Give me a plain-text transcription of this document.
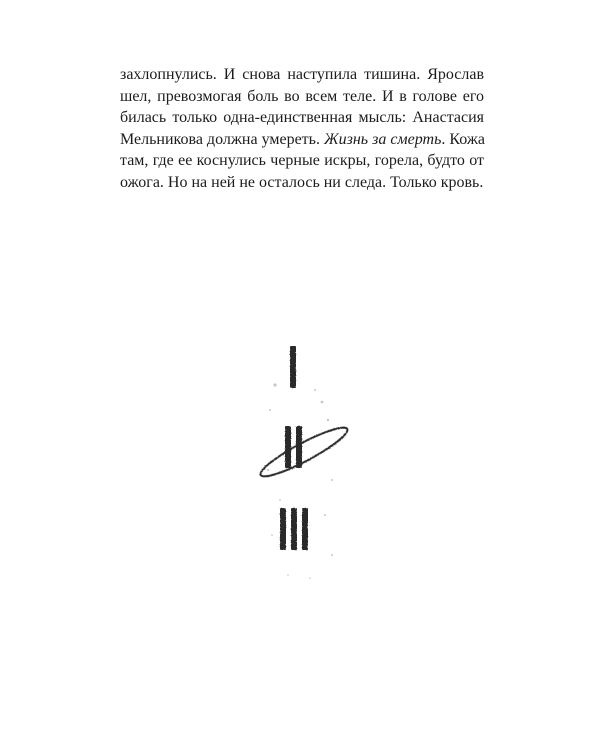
захлопнулись. И снова наступила тишина. Ярослав
шел, превозмогая боль во всем теле. И в голове его
билась только одна-единственная мысль: Анастасия
Мельникова должна умереть. Жизнь за смерть. Кожа
там, где ее коснулись черные искры, горела, будто от
ожога. Но на ней не осталось ни следа. Только кровь.
